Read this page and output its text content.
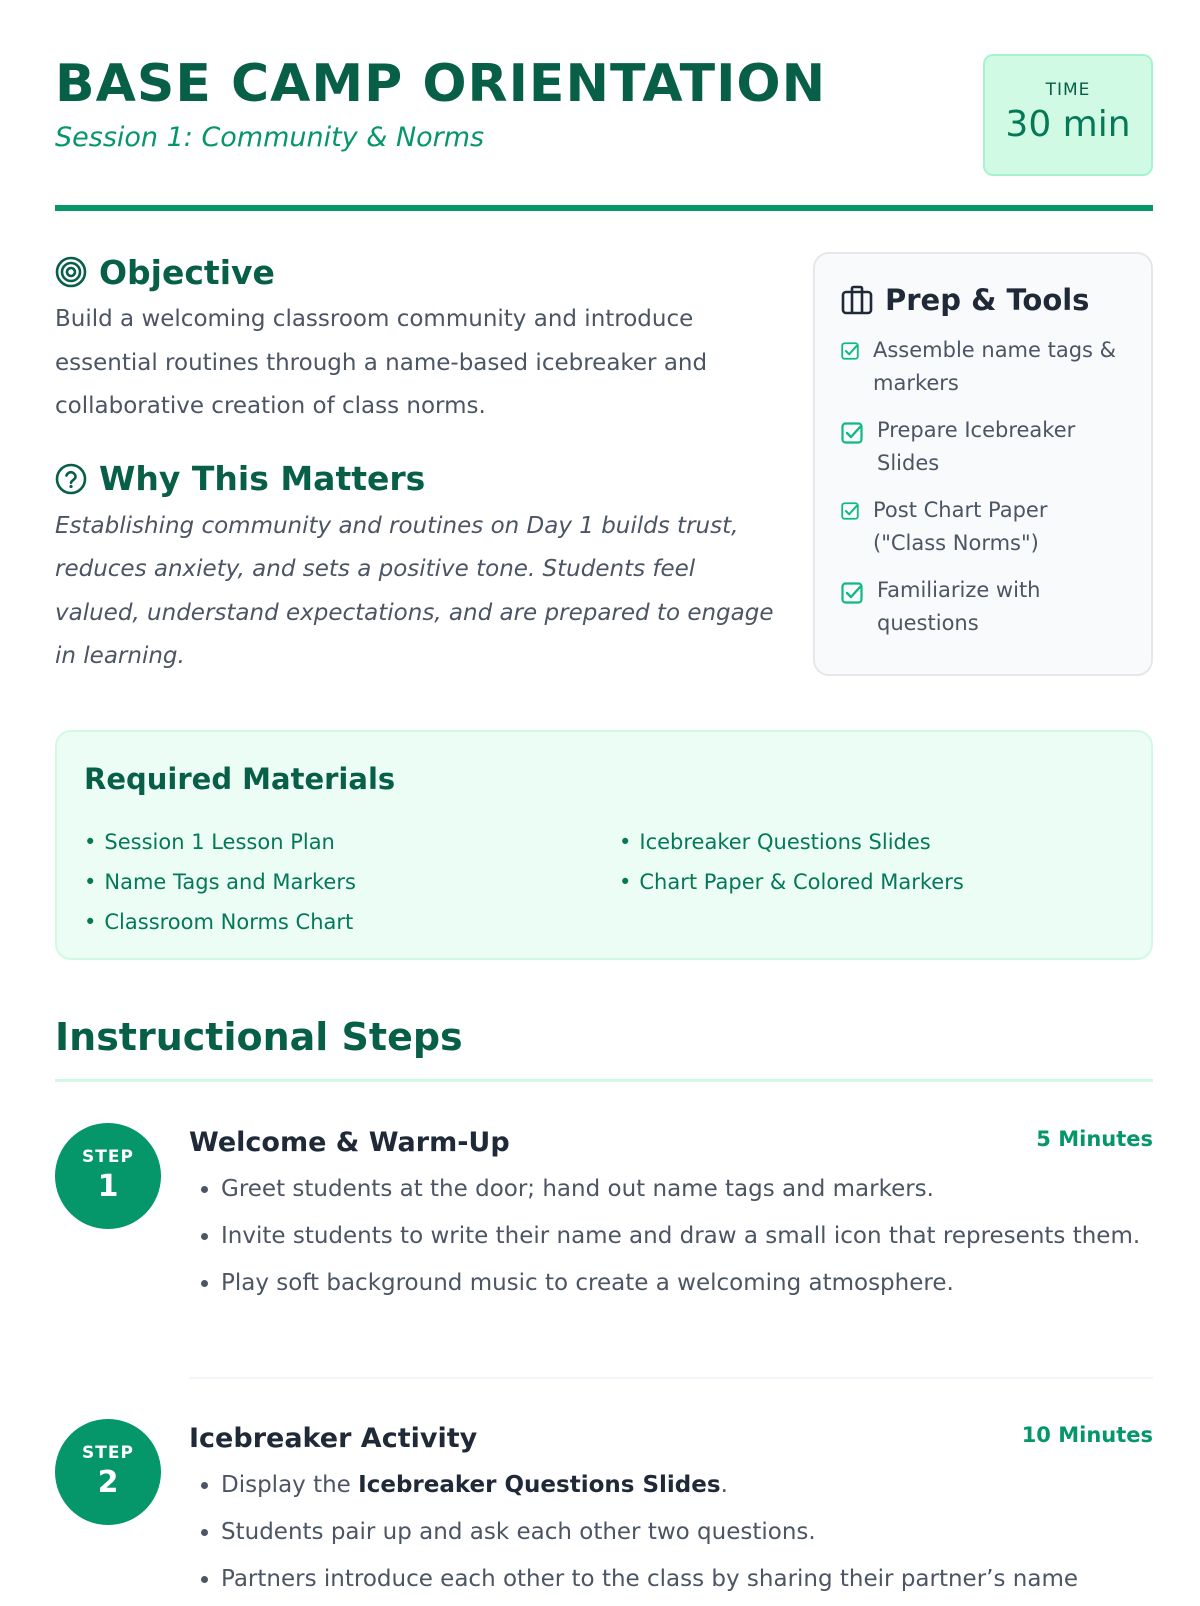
BASE CAMP ORIENTATION
Session 1: Community & Norms
TIME
30 min
Objective

Build a welcoming classroom community and introduce essential routines through a name-based icebreaker and collaborative creation of class norms.

Why This Matters

Establishing community and routines on Day 1 builds trust, reduces anxiety, and sets a positive tone. Students feel valued, understand expectations, and are prepared to engage in learning.

Prep & Tools
Assemble name tags & markers
Prepare Icebreaker Slides
Post Chart Paper ("Class Norms")
Familiarize with questions
Required Materials
• Session 1 Lesson Plan
• Name Tags and Markers
• Classroom Norms Chart
• Icebreaker Questions Slides
• Chart Paper & Colored Markers
Instructional Steps
STEP
1
Welcome & Warm-Up	5 Minutes
• Greet students at the door; hand out name tags and markers.
• Invite students to write their name and draw a small icon that represents them.
• Play soft background music to create a welcoming atmosphere.
STEP
2
Icebreaker Activity	10 Minutes
• Display the Icebreaker Questions Slides.
• Students pair up and ask each other two questions.
• Partners introduce each other to the class by sharing their partner’s name
